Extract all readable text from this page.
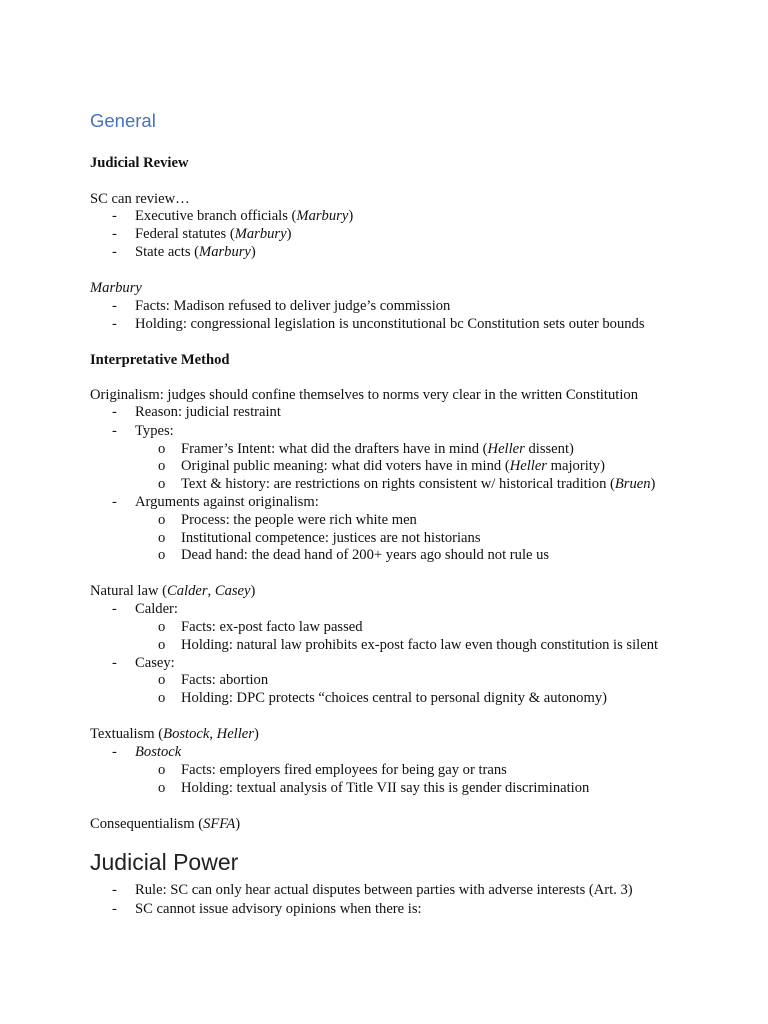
General
Judicial Review
SC can review…
- Executive branch officials (Marbury)
- Federal statutes (Marbury)
- State acts (Marbury)
Marbury
- Facts: Madison refused to deliver judge’s commission
- Holding: congressional legislation is unconstitutional bc Constitution sets outer bounds
Interpretative Method
Originalism: judges should confine themselves to norms very clear in the written Constitution
- Reason: judicial restraint
- Types:
o Framer’s Intent: what did the drafters have in mind (Heller dissent)
o Original public meaning: what did voters have in mind (Heller majority)
o Text & history: are restrictions on rights consistent w/ historical tradition (Bruen)
- Arguments against originalism:
o Process: the people were rich white men
o Institutional competence: justices are not historians
o Dead hand: the dead hand of 200+ years ago should not rule us
Natural law (Calder, Casey)
- Calder:
o Facts: ex-post facto law passed
o Holding: natural law prohibits ex-post facto law even though constitution is silent
- Casey:
o Facts: abortion
o Holding: DPC protects “choices central to personal dignity & autonomy)
Textualism (Bostock, Heller)
- Bostock
o Facts: employers fired employees for being gay or trans
o Holding: textual analysis of Title VII say this is gender discrimination
Consequentialism (SFFA)
Judicial Power
- Rule: SC can only hear actual disputes between parties with adverse interests (Art. 3)
- SC cannot issue advisory opinions when there is:
